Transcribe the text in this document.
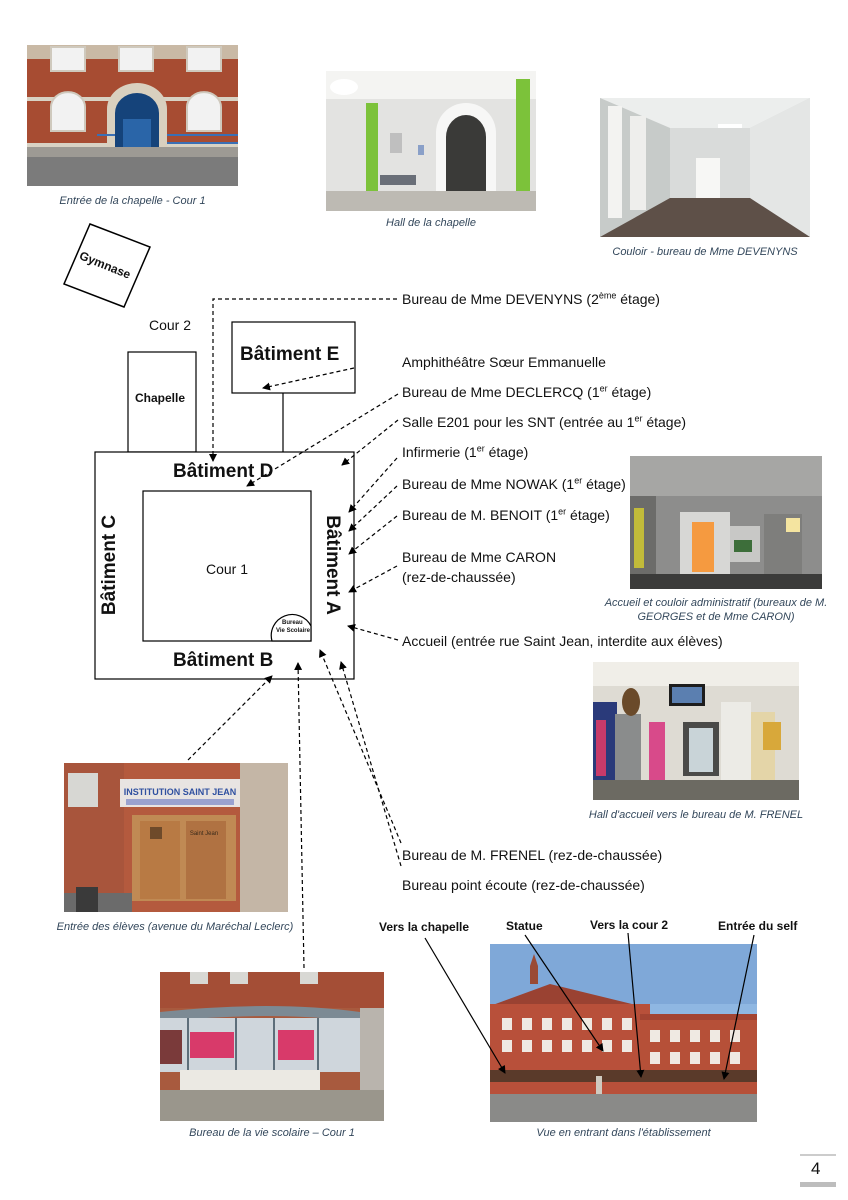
Entrée de la chapelle - Cour 1
Hall de la chapelle
Couloir - bureau de Mme DEVENYNS
Accueil et couloir administratif (bureaux de M. GEORGES et de Mme CARON)
Hall d'accueil vers le bureau de M. FRENEL
INSTITUTION SAINT JEAN
Saint Jean
Entrée des élèves (avenue du Maréchal Leclerc)
Bureau de la vie scolaire – Cour 1	Vue en entrant dans l'établissement
Gymnase
Cour 2
Chapelle
Bâtiment E
Bâtiment D
Bâtiment B
Bâtiment C	Bâtiment A
Cour 1
Bureau
Vie Scolaire
Bureau de Mme DEVENYNS (2ème étage)
Amphithéâtre Sœur Emmanuelle
Bureau de Mme DECLERCQ (1er étage)
Salle E201 pour les SNT (entrée au 1er étage)
Infirmerie (1er étage)
Bureau de Mme NOWAK (1er étage)
Bureau de M. BENOIT (1er étage)
Bureau de Mme CARON
(rez-de-chaussée)
Accueil (entrée rue Saint Jean, interdite aux élèves)
Bureau de M. FRENEL (rez-de-chaussée)
Bureau point écoute (rez-de-chaussée)
Vers la chapelle	Statue	Vers la cour 2	Entrée du self
4
